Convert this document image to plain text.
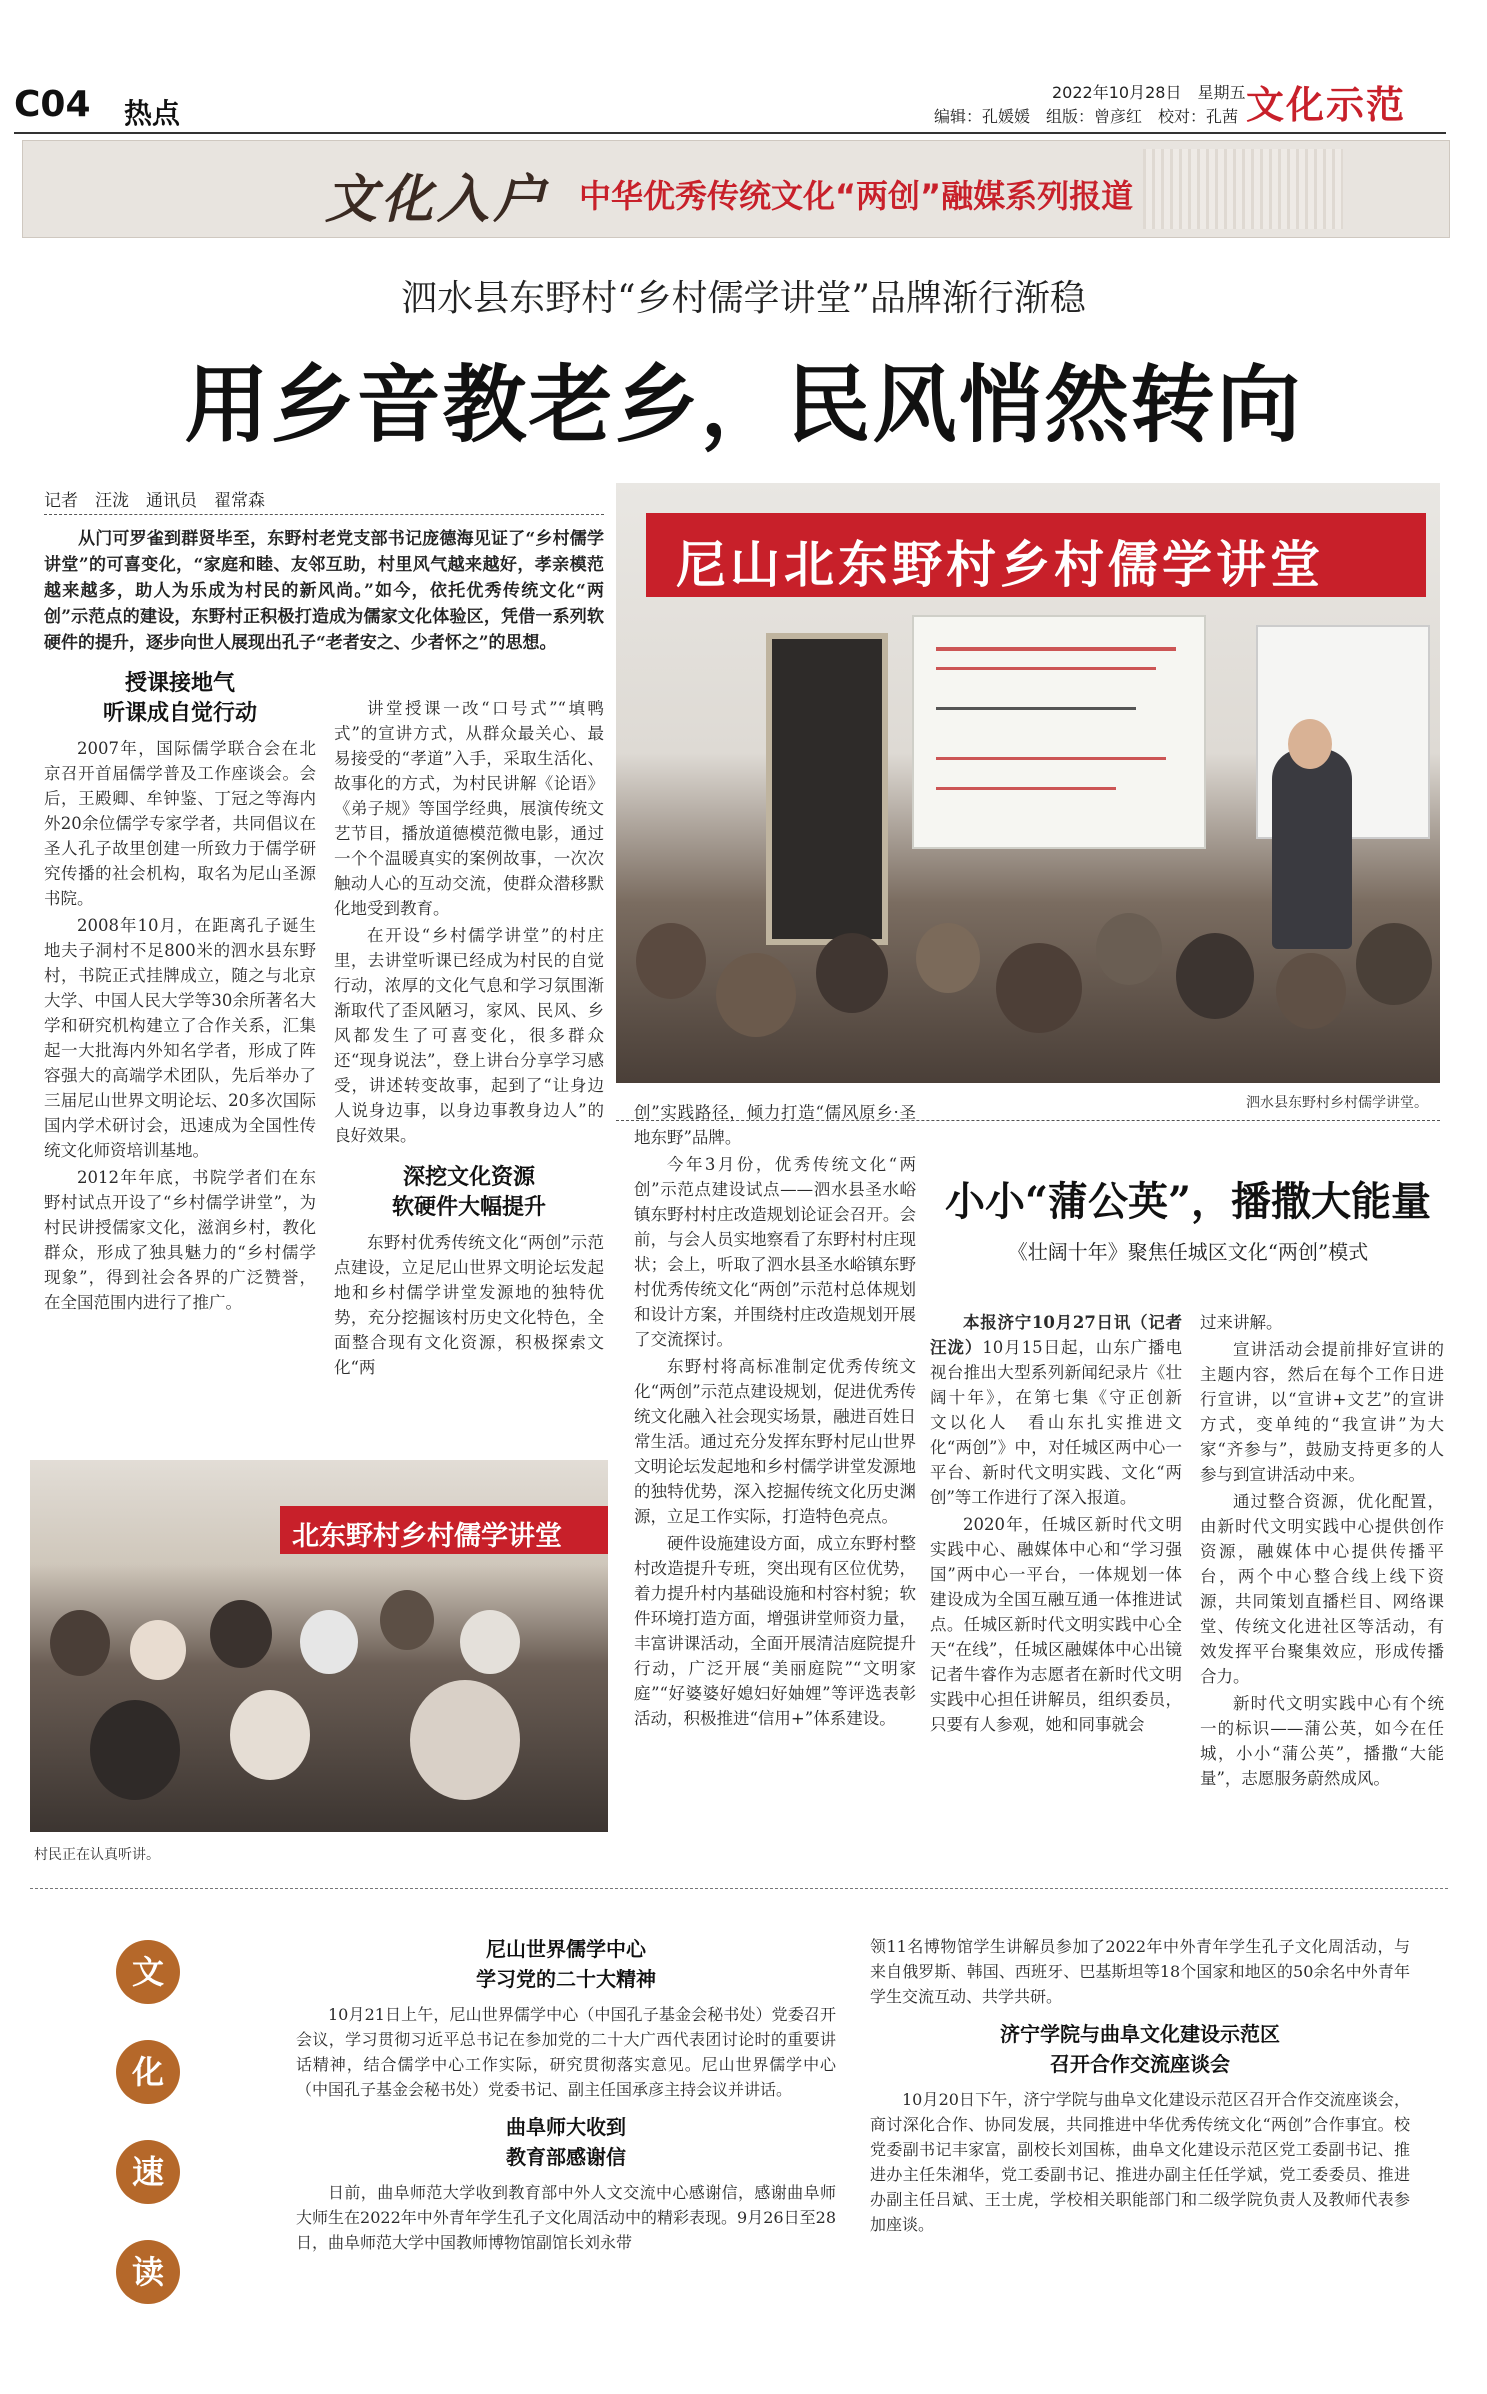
C04 热点
2022年10月28日　星期五
编辑：孔媛媛　组版：曾彦红　校对：孔茜 文化示范
文化入户 中华优秀传统文化“两创”融媒系列报道
泗水县东野村“乡村儒学讲堂”品牌渐行渐稳
用乡音教老乡，民风悄然转向
记者　汪泷　通讯员　翟常森
从门可罗雀到群贤毕至，东野村老党支部书记庞德海见证了“乡村儒学讲堂”的可喜变化，“家庭和睦、友邻互助，村里风气越来越好，孝亲模范越来越多，助人为乐成为村民的新风尚。”如今，依托优秀传统文化“两创”示范点的建设，东野村正积极打造成为儒家文化体验区，凭借一系列软硬件的提升，逐步向世人展现出孔子“老者安之、少者怀之”的思想。
尼山北东野村乡村儒学讲堂
泗水县东野村乡村儒学讲堂。
授课接地气
听课成自觉行动

2007年，国际儒学联合会在北京召开首届儒学普及工作座谈会。会后，王殿卿、牟钟鉴、丁冠之等海内外20余位儒学专家学者，共同倡议在圣人孔子故里创建一所致力于儒学研究传播的社会机构，取名为尼山圣源书院。

2008年10月，在距离孔子诞生地夫子洞村不足800米的泗水县东野村，书院正式挂牌成立，随之与北京大学、中国人民大学等30余所著名大学和研究机构建立了合作关系，汇集起一大批海内外知名学者，形成了阵容强大的高端学术团队，先后举办了三届尼山世界文明论坛、20多次国际国内学术研讨会，迅速成为全国性传统文化师资培训基地。

2012年年底，书院学者们在东野村试点开设了“乡村儒学讲堂”，为村民讲授儒家文化，滋润乡村，教化群众，形成了独具魅力的“乡村儒学现象”，得到社会各界的广泛赞誉，在全国范围内进行了推广。

讲堂授课一改“口号式”“填鸭式”的宣讲方式，从群众最关心、最易接受的“孝道”入手，采取生活化、故事化的方式，为村民讲解《论语》《弟子规》等国学经典，展演传统文艺节目，播放道德模范微电影，通过一个个温暖真实的案例故事，一次次触动人心的互动交流，使群众潜移默化地受到教育。

在开设“乡村儒学讲堂”的村庄里，去讲堂听课已经成为村民的自觉行动，浓厚的文化气息和学习氛围渐渐取代了歪风陋习，家风、民风、乡风都发生了可喜变化，很多群众还“现身说法”，登上讲台分享学习感受，讲述转变故事，起到了“让身边人说身边事，以身边事教身边人”的良好效果。

深挖文化资源
软硬件大幅提升

东野村优秀传统文化“两创”示范点建设，立足尼山世界文明论坛发起地和乡村儒学讲堂发源地的独特优势，充分挖掘该村历史文化特色，全面整合现有文化资源，积极探索文化“两

创”实践路径，倾力打造“儒风原乡·圣地东野”品牌。

今年3月份，优秀传统文化“两创”示范点建设试点——泗水县圣水峪镇东野村村庄改造规划论证会召开。会前，与会人员实地察看了东野村村庄现状；会上，听取了泗水县圣水峪镇东野村优秀传统文化“两创”示范村总体规划和设计方案，并围绕村庄改造规划开展了交流探讨。

东野村将高标准制定优秀传统文化“两创”示范点建设规划，促进优秀传统文化融入社会现实场景，融进百姓日常生活。通过充分发挥东野村尼山世界文明论坛发起地和乡村儒学讲堂发源地的独特优势，深入挖掘传统文化历史渊源，立足工作实际，打造特色亮点。

硬件设施建设方面，成立东野村整村改造提升专班，突出现有区位优势，着力提升村内基础设施和村容村貌；软件环境打造方面，增强讲堂师资力量，丰富讲课活动，全面开展清洁庭院提升行动，广泛开展“美丽庭院”“文明家庭”“好婆婆好媳妇好妯娌”等评选表彰活动，积极推进“信用+”体系建设。

北东野村乡村儒学讲堂
村民正在认真听讲。
小小“蒲公英”，播撒大能量
《壮阔十年》聚焦任城区文化“两创”模式

本报济宁10月27日讯（记者　汪泷）10月15日起，山东广播电视台推出大型系列新闻纪录片《壮阔十年》，在第七集《守正创新　文以化人　看山东扎实推进文化“两创”》中，对任城区两中心一平台、新时代文明实践、文化“两创”等工作进行了深入报道。

2020年，任城区新时代文明实践中心、融媒体中心和“学习强国”两中心一平台，一体规划一体建设成为全国互融互通一体推进试点。任城区新时代文明实践中心全天“在线”，任城区融媒体中心出镜记者牛睿作为志愿者在新时代文明实践中心担任讲解员，组织委员，只要有人参观，她和同事就会

过来讲解。

宣讲活动会提前排好宣讲的主题内容，然后在每个工作日进行宣讲，以“宣讲+文艺”的宣讲方式，变单纯的“我宣讲”为大家“齐参与”，鼓励支持更多的人参与到宣讲活动中来。

通过整合资源，优化配置，由新时代文明实践中心提供创作资源，融媒体中心提供传播平台，两个中心整合线上线下资源，共同策划直播栏目、网络课堂、传统文化进社区等活动，有效发挥平台聚集效应，形成传播合力。

新时代文明实践中心有个统一的标识——蒲公英，如今在任城，小小“蒲公英”，播撒“大能量”，志愿服务蔚然成风。

文
化
速
读
尼山世界儒学中心
学习党的二十大精神

10月21日上午，尼山世界儒学中心（中国孔子基金会秘书处）党委召开会议，学习贯彻习近平总书记在参加党的二十大广西代表团讨论时的重要讲话精神，结合儒学中心工作实际，研究贯彻落实意见。尼山世界儒学中心（中国孔子基金会秘书处）党委书记、副主任国承彦主持会议并讲话。

曲阜师大收到
教育部感谢信

日前，曲阜师范大学收到教育部中外人文交流中心感谢信，感谢曲阜师大师生在2022年中外青年学生孔子文化周活动中的精彩表现。9月26日至28日，曲阜师范大学中国教师博物馆副馆长刘永带

领11名博物馆学生讲解员参加了2022年中外青年学生孔子文化周活动，与来自俄罗斯、韩国、西班牙、巴基斯坦等18个国家和地区的50余名中外青年学生交流互动、共学共研。

济宁学院与曲阜文化建设示范区
召开合作交流座谈会

10月20日下午，济宁学院与曲阜文化建设示范区召开合作交流座谈会，商讨深化合作、协同发展，共同推进中华优秀传统文化“两创”合作事宜。校党委副书记丰家富，副校长刘国栋，曲阜文化建设示范区党工委副书记、推进办主任朱湘华，党工委副书记、推进办副主任任学斌，党工委委员、推进办副主任吕斌、王士虎，学校相关职能部门和二级学院负责人及教师代表参加座谈。
